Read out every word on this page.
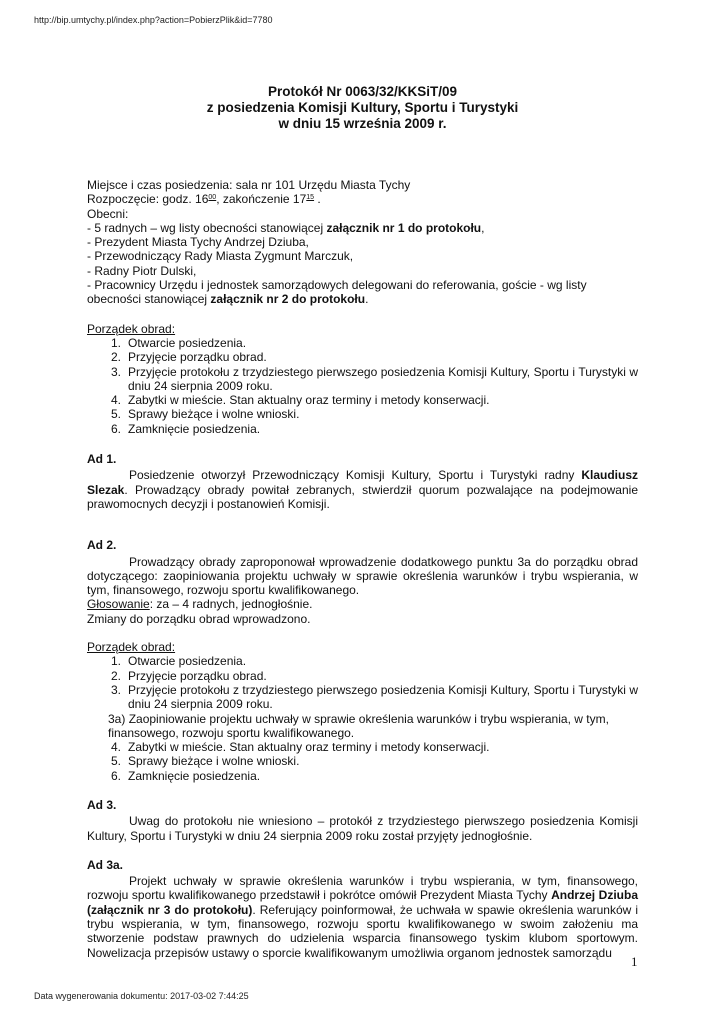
http://bip.umtychy.pl/index.php?action=PobierzPlik&id=7780
Protokół Nr 0063/32/KKSiT/09
z posiedzenia Komisji Kultury, Sportu i Turystyki
w dniu 15 września 2009 r.

Miejsce i czas posiedzenia: sala nr 101 Urzędu Miasta Tychy

Rozpoczęcie: godz. $16^{00}$, zakończenie $17^{15}$ .

Obecni:

- 5 radnych – wg listy obecności stanowiącej załącznik nr 1 do protokołu,

- Prezydent Miasta Tychy Andrzej Dziuba,

- Przewodniczący Rady Miasta Zygmunt Marczuk,

- Radny Piotr Dulski,

- Pracownicy Urzędu i jednostek samorządowych delegowani do referowania, goście - wg listy obecności stanowiącej załącznik nr 2 do protokołu.

Porządek obrad:

1. Otwarcie posiedzenia.
2. Przyjęcie porządku obrad.
3. Przyjęcie protokołu z trzydziestego pierwszego posiedzenia Komisji Kultury, Sportu i Turystyki w dniu 24 sierpnia 2009 roku.
4. Zabytki w mieście. Stan aktualny oraz terminy i metody konserwacji.
5. Sprawy bieżące i wolne wnioski.
6. Zamknięcie posiedzenia.

Ad 1.

Posiedzenie otworzył Przewodniczący Komisji Kultury, Sportu i Turystyki radny Klaudiusz Slezak. Prowadzący obrady powitał zebranych, stwierdził quorum pozwalające na podejmowanie prawomocnych decyzji i postanowień Komisji.

Ad 2.

Prowadzący obrady zaproponował wprowadzenie dodatkowego punktu 3a do porządku obrad dotyczącego: zaopiniowania projektu uchwały w sprawie określenia warunków i trybu wspierania, w tym, finansowego, rozwoju sportu kwalifikowanego.

Głosowanie: za – 4 radnych, jednogłośnie.

Zmiany do porządku obrad wprowadzono.

Porządek obrad:

1. Otwarcie posiedzenia.
2. Przyjęcie porządku obrad.
3. Przyjęcie protokołu z trzydziestego pierwszego posiedzenia Komisji Kultury, Sportu i Turystyki w dniu 24 sierpnia 2009 roku.
3a) Zaopiniowanie projektu uchwały w sprawie określenia warunków i trybu wspierania, w tym, finansowego, rozwoju sportu kwalifikowanego.
4. Zabytki w mieście. Stan aktualny oraz terminy i metody konserwacji.
5. Sprawy bieżące i wolne wnioski.
6. Zamknięcie posiedzenia.

Ad 3.

Uwag do protokołu nie wniesiono – protokół z trzydziestego pierwszego posiedzenia Komisji Kultury, Sportu i Turystyki w dniu 24 sierpnia 2009 roku został przyjęty jednogłośnie.

Ad 3a.

Projekt uchwały w sprawie określenia warunków i trybu wspierania, w tym, finansowego, rozwoju sportu kwalifikowanego przedstawił i pokrótce omówił Prezydent Miasta Tychy Andrzej Dziuba (załącznik nr 3 do protokołu). Referujący poinformował, że uchwała w spawie określenia warunków i trybu wspierania, w tym, finansowego, rozwoju sportu kwalifikowanego w swoim założeniu ma stworzenie podstaw prawnych do udzielenia wsparcia finansowego tyskim klubom sportowym. Nowelizacja przepisów ustawy o sporcie kwalifikowanym umożliwia organom jednostek samorządu

1
Data wygenerowania dokumentu: 2017-03-02 7:44:25
